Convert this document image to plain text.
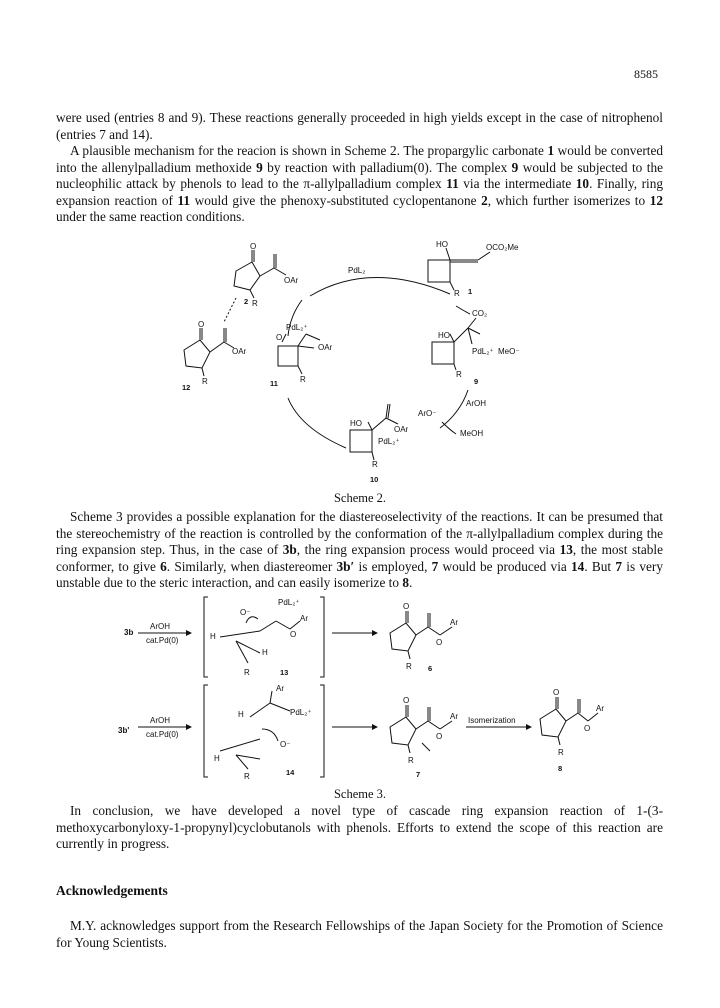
8585

were used (entries 8 and 9). These reactions generally proceeded in high yields except in the case of nitrophenol (entries 7 and 14).

A plausible mechanism for the reacion is shown in Scheme 2. The propargylic carbonate 1 would be converted into the allenylpalladium methoxide 9 by reaction with palladium(0). The complex 9 would be subjected to the nucleophilic attack by phenols to lead to the π-allylpalladium complex 11 via the intermediate 10. Finally, ring expansion reaction of 11 would give the phenoxy-substituted cyclopentanone 2, which further isomerizes to 12 under the same reaction conditions.

O
OAr
R
2
HO	OCO₂Me
R 1
PdL₂
CO₂
HO
PdL₂⁺ MeO⁻
R
9
ArOH
ArO⁻
MeOH
HO
OAr
PdL₂⁺
R
10
PdL₂⁺
O
OAr
R
11
O
OAr
R
12
Scheme 2.

Scheme 3 provides a possible explanation for the diastereoselectivity of the reactions. It can be presumed that the stereochemistry of the reaction is controlled by the conformation of the π-allylpalladium complex during the ring expansion step. Thus, in the case of 3b, the ring expansion process would proceed via 13, the most stable conformer, to give 6. Similarly, when diastereomer 3b′ is employed, 7 would be produced via 14. But 7 is very unstable due to the steric interaction, and can easily isomerize to 8.

3b
ArOH
cat.Pd(0)
PdL₂⁺
O⁻
Ar
O
H
H
R	13
O
O
Ar
R 6
3b'
ArOH
cat.Pd(0)
Ar
PdL₂⁺
H
O⁻
H
R	14
O
O
Ar
R
7
Isomerization
O
O
Ar
R
8
Scheme 3.

In conclusion, we have developed a novel type of cascade ring expansion reaction of 1-(3-methoxycarbonyloxy-1-propynyl)cyclobutanols with phenols. Efforts to extend the scope of this reaction are currently in progress.

Acknowledgements

M.Y. acknowledges support from the Research Fellowships of the Japan Society for the Promotion of Science for Young Scientists.
